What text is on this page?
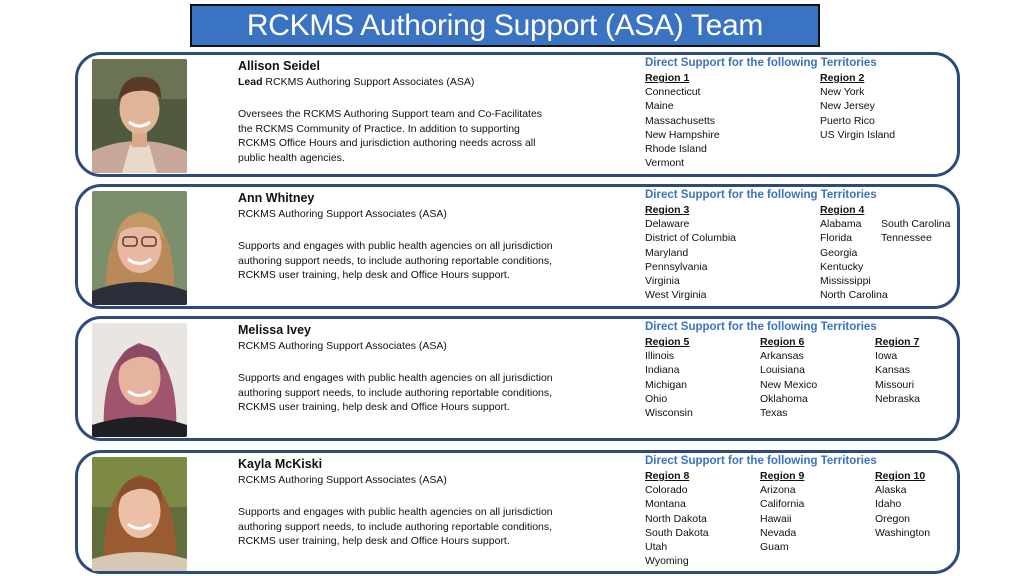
RCKMS Authoring Support (ASA) Team

Allison Seidel

Lead RCKMS Authoring Support Associates (ASA)

Oversees the RCKMS Authoring Support team and Co-Facilitates the RCKMS Community of Practice. In addition to supporting RCKMS Office Hours and jurisdiction authoring needs across all public health agencies.

Direct Support for the following Territories

Region 1
Connecticut
Maine
Massachusetts
New Hampshire
Rhode Island
Vermont
Region 2
New York
New Jersey
Puerto Rico
US Virgin Island

Ann Whitney

RCKMS Authoring Support Associates (ASA)

Supports and engages with public health agencies on all jurisdiction authoring support needs, to include authoring reportable conditions, RCKMS user training, help desk and Office Hours support.

Direct Support for the following Territories

Region 3
Delaware
District of Columbia
Maryland
Pennsylvania
Virginia
West Virginia
Region 4
Alabama
Florida
Georgia
Kentucky
Mississippi
North Carolina
South Carolina
Tennessee

Melissa Ivey

RCKMS Authoring Support Associates (ASA)

Supports and engages with public health agencies on all jurisdiction authoring support needs, to include authoring reportable conditions, RCKMS user training, help desk and Office Hours support.

Direct Support for the following Territories

Region 5
Illinois
Indiana
Michigan
Ohio
Wisconsin
Region 6
Arkansas
Louisiana
New Mexico
Oklahoma
Texas
Region 7
Iowa
Kansas
Missouri
Nebraska

Kayla McKiski

RCKMS Authoring Support Associates (ASA)

Supports and engages with public health agencies on all jurisdiction authoring support needs, to include authoring reportable conditions, RCKMS user training, help desk and Office Hours support.

Direct Support for the following Territories

Region 8
Colorado
Montana
North Dakota
South Dakota
Utah
Wyoming
Region 9
Arizona
California
Hawaii
Nevada
Guam
Region 10
Alaska
Idaho
Oregon
Washington
